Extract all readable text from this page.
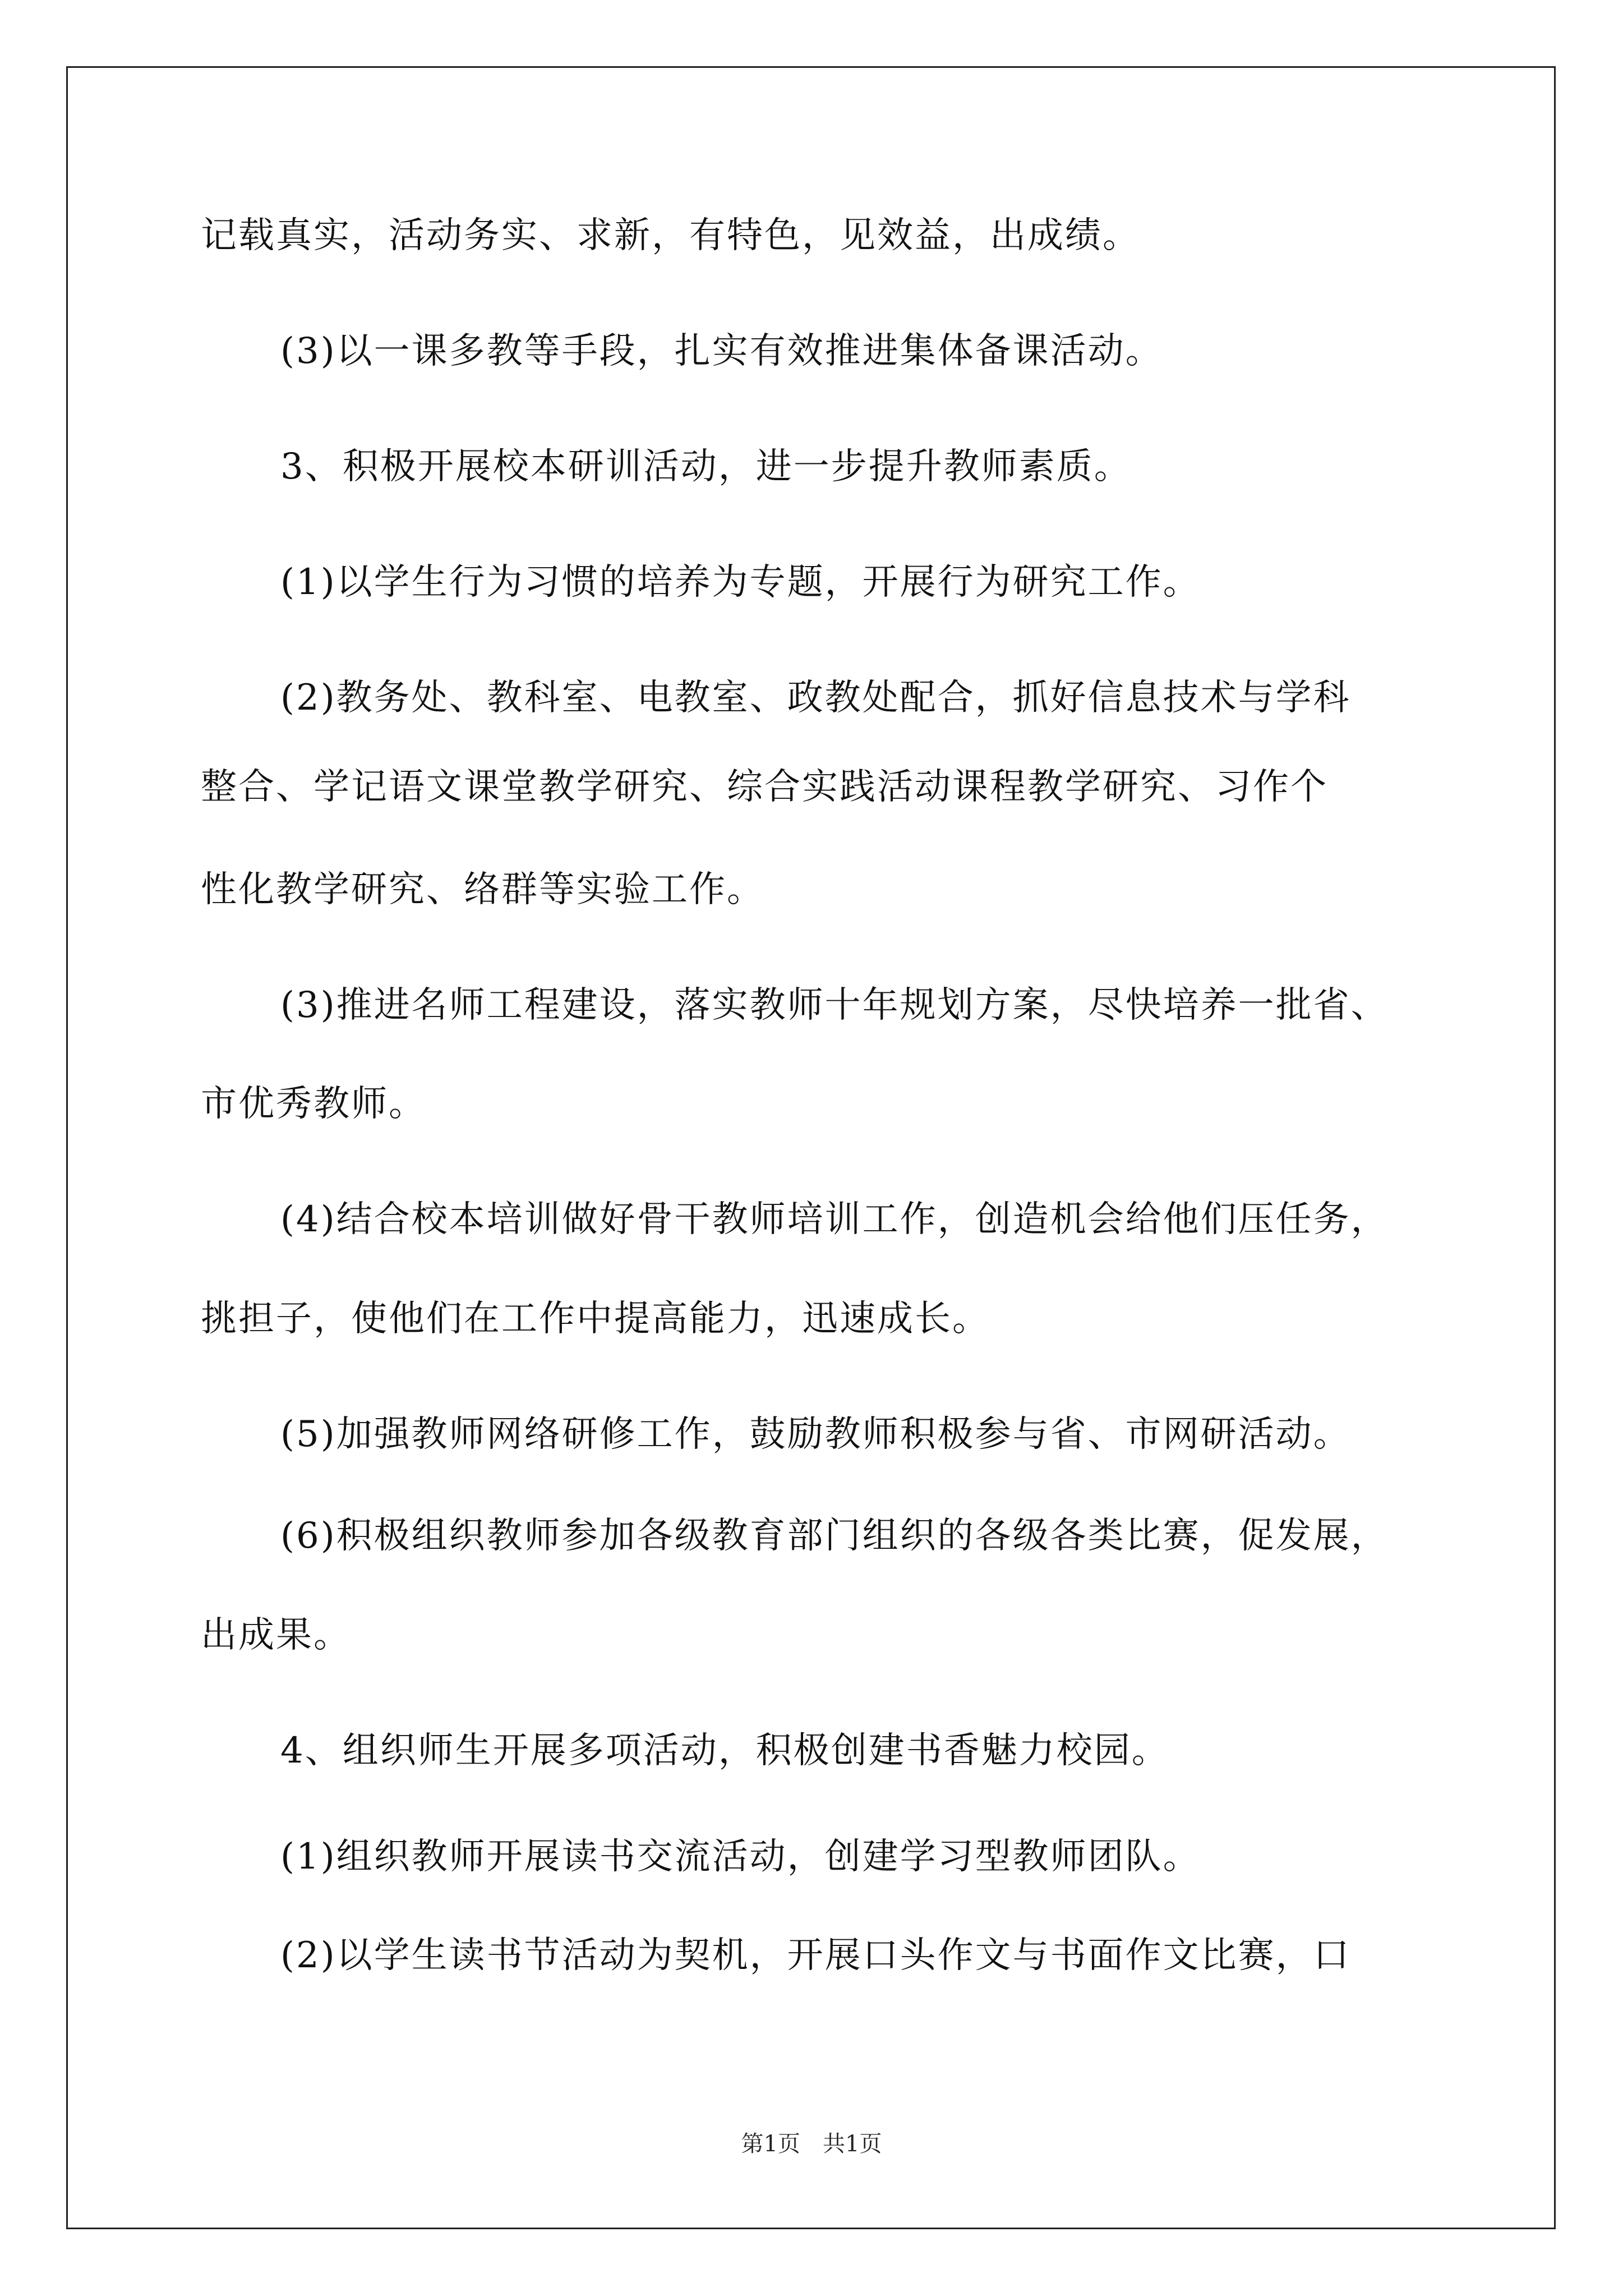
记载真实，活动务实、求新，有特色，见效益，出成绩。
(3)以一课多教等手段，扎实有效推进集体备课活动。
3、积极开展校本研训活动，进一步提升教师素质。
(1)以学生行为习惯的培养为专题，开展行为研究工作。
(2)教务处、教科室、电教室、政教处配合，抓好信息技术与学科
整合、学记语文课堂教学研究、综合实践活动课程教学研究、习作个
性化教学研究、络群等实验工作。
(3)推进名师工程建设，落实教师十年规划方案，尽快培养一批省、
市优秀教师。
(4)结合校本培训做好骨干教师培训工作，创造机会给他们压任务，
挑担子，使他们在工作中提高能力，迅速成长。
(5)加强教师网络研修工作，鼓励教师积极参与省、市网研活动。
(6)积极组织教师参加各级教育部门组织的各级各类比赛，促发展，
出成果。
4、组织师生开展多项活动，积极创建书香魅力校园。
(1)组织教师开展读书交流活动，创建学习型教师团队。
(2)以学生读书节活动为契机，开展口头作文与书面作文比赛，口
第1页　共1页
